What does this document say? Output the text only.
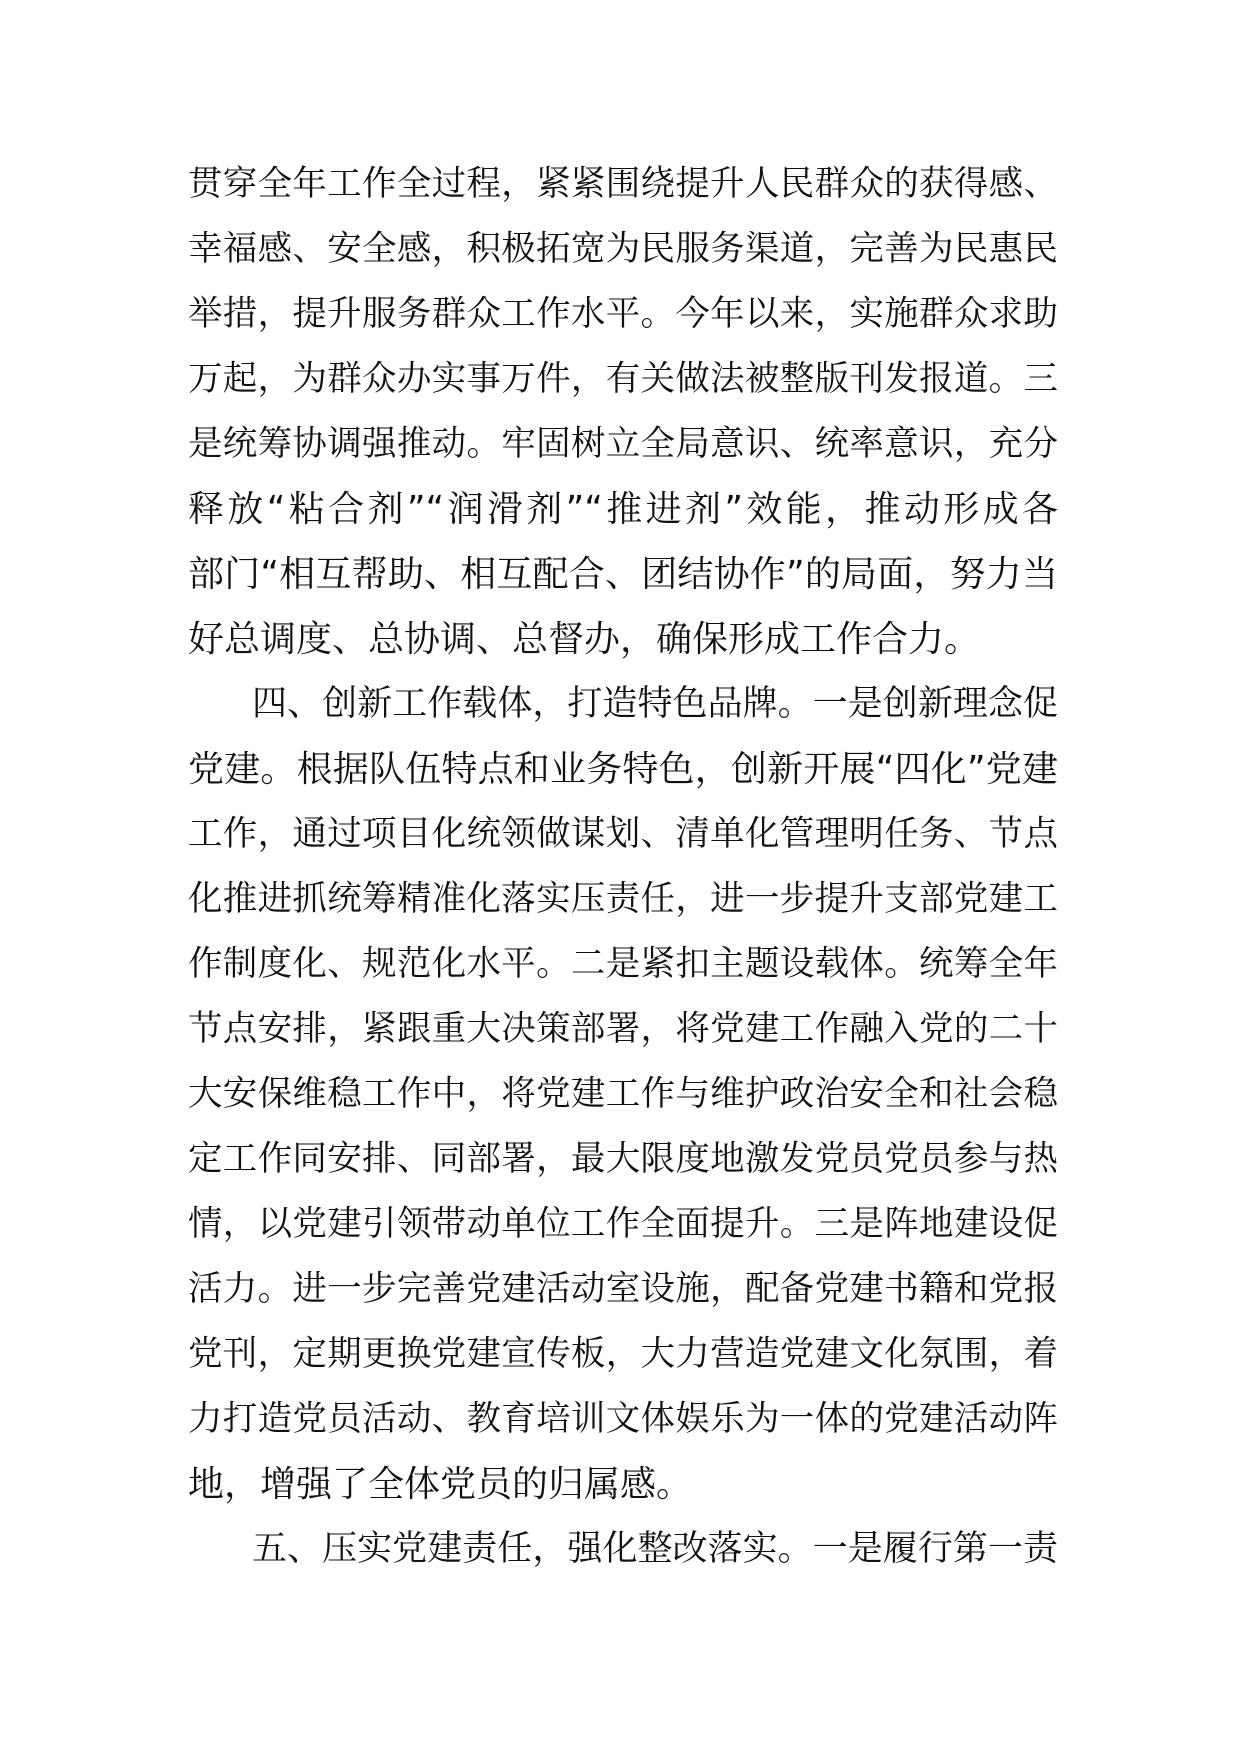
贯穿全年工作全过程，紧紧围绕提升人民群众的获得感、
幸福感、安全感，积极拓宽为民服务渠道，完善为民惠民
举措，提升服务群众工作水平。今年以来，实施群众求助
万起，为群众办实事万件，有关做法被整版刊发报道。三
是统筹协调强推动。牢固树立全局意识、统率意识，充分
释放“粘合剂”“润滑剂”“推进剂”效能，推动形成各
部门“相互帮助、相互配合、团结协作”的局面，努力当
好总调度、总协调、总督办，确保形成工作合力。
四、创新工作载体，打造特色品牌。一是创新理念促
党建。根据队伍特点和业务特色，创新开展“四化”党建
工作，通过项目化统领做谋划、清单化管理明任务、节点
化推进抓统筹精准化落实压责任，进一步提升支部党建工
作制度化、规范化水平。二是紧扣主题设载体。统筹全年
节点安排，紧跟重大决策部署，将党建工作融入党的二十
大安保维稳工作中，将党建工作与维护政治安全和社会稳
定工作同安排、同部署，最大限度地激发党员党员参与热
情，以党建引领带动单位工作全面提升。三是阵地建设促
活力。进一步完善党建活动室设施，配备党建书籍和党报
党刊，定期更换党建宣传板，大力营造党建文化氛围，着
力打造党员活动、教育培训文体娱乐为一体的党建活动阵
地，增强了全体党员的归属感。
五、压实党建责任，强化整改落实。一是履行第一责
